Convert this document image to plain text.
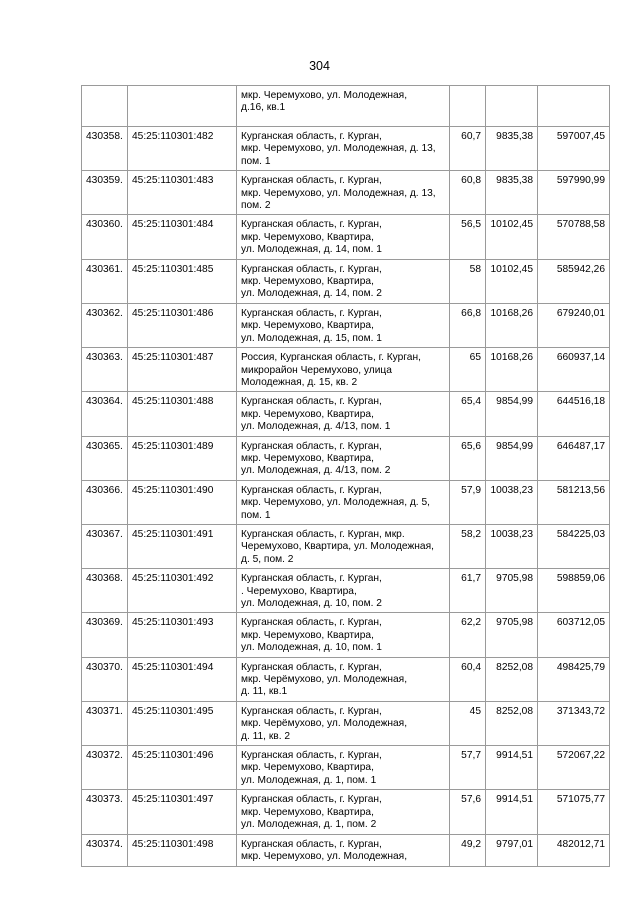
304
		мкр. Черемухово, ул. Молодежная,
д.16, кв.1			
430358.	45:25:110301:482	Курганская область, г. Курган,
мкр. Черемухово, ул. Молодежная, д. 13,
пом. 1	60,7	9835,38	597007,45
430359.	45:25:110301:483	Курганская область, г. Курган,
мкр. Черемухово, ул. Молодежная, д. 13,
пом. 2	60,8	9835,38	597990,99
430360.	45:25:110301:484	Курганская область, г. Курган,
мкр. Черемухово, Квартира,
ул. Молодежная, д. 14, пом. 1	56,5	10102,45	570788,58
430361.	45:25:110301:485	Курганская область, г. Курган,
мкр. Черемухово, Квартира,
ул. Молодежная, д. 14, пом. 2	58	10102,45	585942,26
430362.	45:25:110301:486	Курганская область, г. Курган,
мкр. Черемухово, Квартира,
ул. Молодежная, д. 15, пом. 1	66,8	10168,26	679240,01
430363.	45:25:110301:487	Россия, Курганская область, г. Курган,
микрорайон Черемухово, улица
Молодежная, д. 15, кв. 2	65	10168,26	660937,14
430364.	45:25:110301:488	Курганская область, г. Курган,
мкр. Черемухово, Квартира,
ул. Молодежная, д. 4/13, пом. 1	65,4	9854,99	644516,18
430365.	45:25:110301:489	Курганская область, г. Курган,
мкр. Черемухово, Квартира,
ул. Молодежная, д. 4/13, пом. 2	65,6	9854,99	646487,17
430366.	45:25:110301:490	Курганская область, г. Курган,
мкр. Черемухово, ул. Молодежная, д. 5,
пом. 1	57,9	10038,23	581213,56
430367.	45:25:110301:491	Курганская область, г. Курган, мкр.
Черемухово, Квартира, ул. Молодежная,
д. 5, пом. 2	58,2	10038,23	584225,03
430368.	45:25:110301:492	Курганская область, г. Курган,
. Черемухово, Квартира,
ул. Молодежная, д. 10, пом. 2	61,7	9705,98	598859,06
430369.	45:25:110301:493	Курганская область, г. Курган,
мкр. Черемухово, Квартира,
ул. Молодежная, д. 10, пом. 1	62,2	9705,98	603712,05
430370.	45:25:110301:494	Курганская область, г. Курган,
мкр. Черёмухово, ул. Молодежная,
д. 11, кв.1	60,4	8252,08	498425,79
430371.	45:25:110301:495	Курганская область, г. Курган,
мкр. Черёмухово, ул. Молодежная,
д. 11, кв. 2	45	8252,08	371343,72
430372.	45:25:110301:496	Курганская область, г. Курган,
мкр. Черемухово, Квартира,
ул. Молодежная, д. 1, пом. 1	57,7	9914,51	572067,22
430373.	45:25:110301:497	Курганская область, г. Курган,
мкр. Черемухово, Квартира,
ул. Молодежная, д. 1, пом. 2	57,6	9914,51	571075,77
430374.	45:25:110301:498	Курганская область, г. Курган,
мкр. Черемухово, ул. Молодежная,	49,2	9797,01	482012,71
